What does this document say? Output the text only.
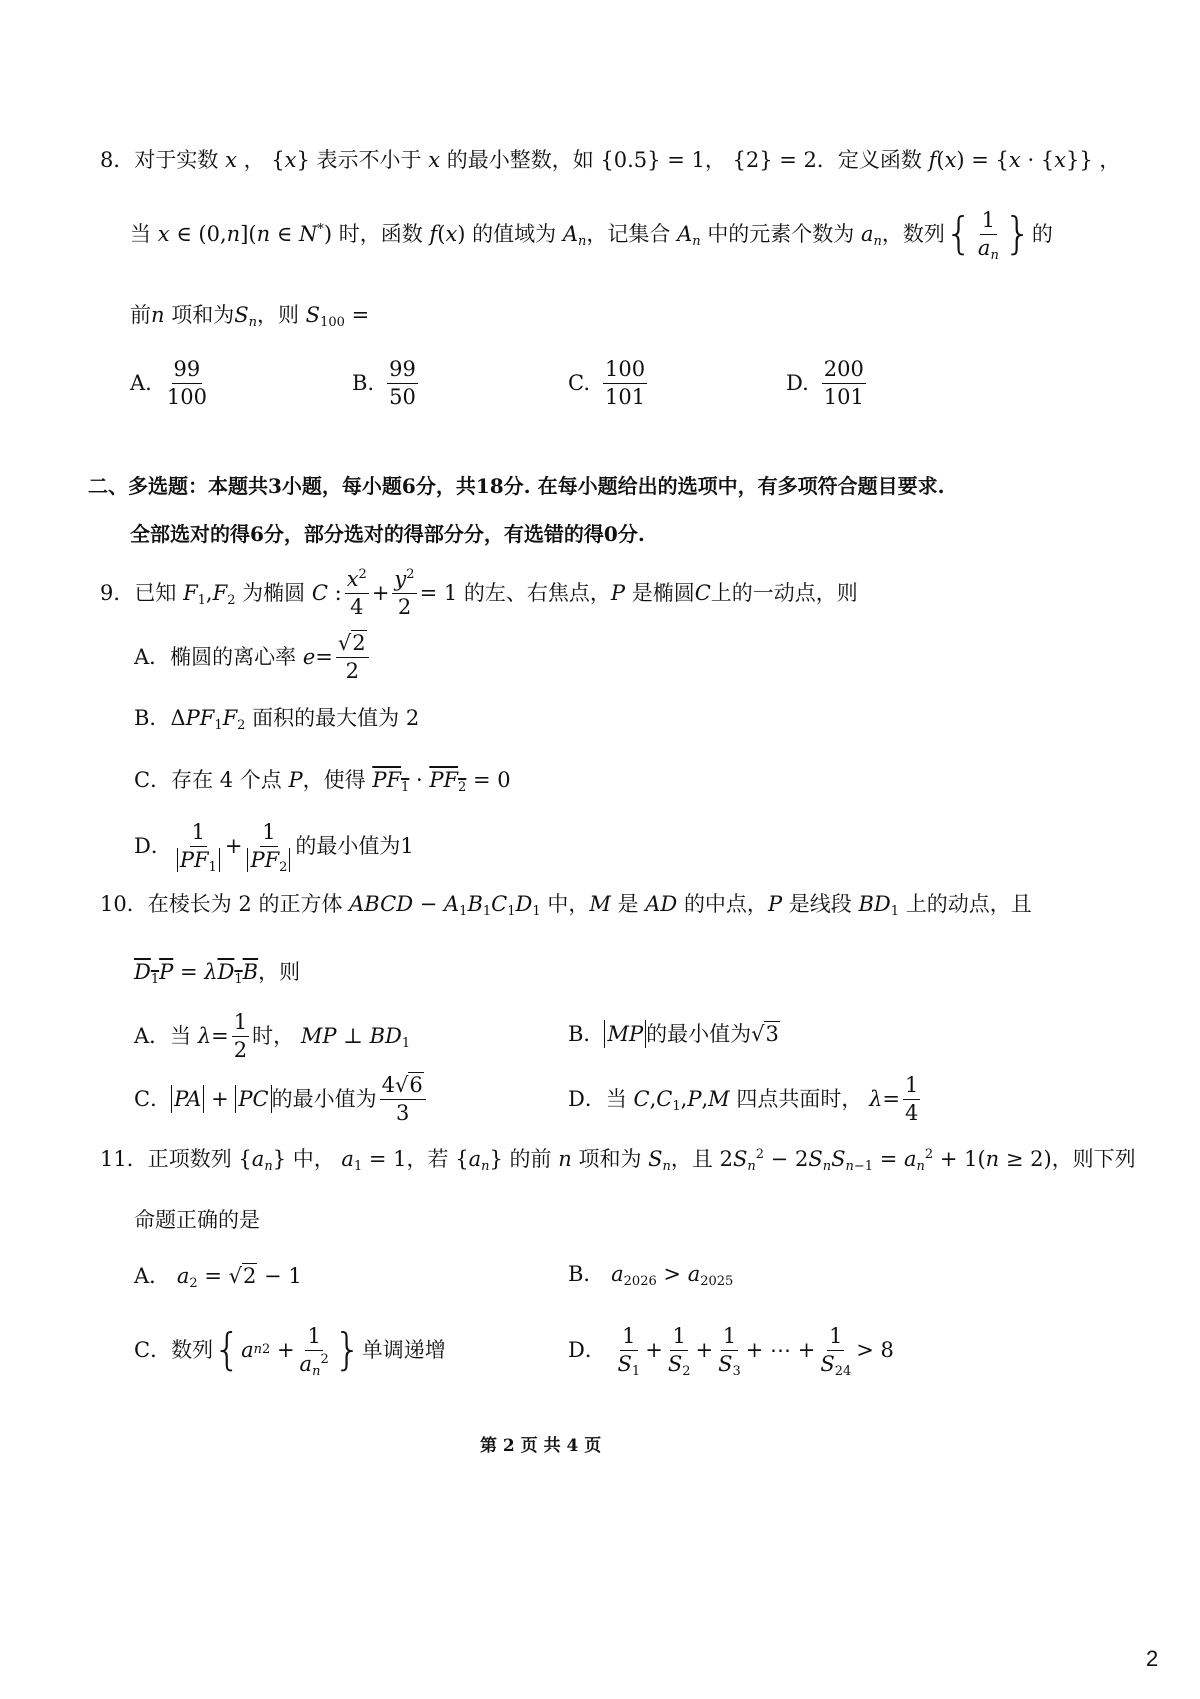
8． 对于实数 x ， {x} 表示不小于 x 的最小整数，如 {0.5} = 1， {2} = 2． 定义函数 f(x) = {x · {x}} ，
当 x ∈ (0,n](n ∈ N*) 时，函数 f(x) 的值域为 $A_n$ ，记集合 $A_n$ 中的元素个数为 $a_n$ ，数列 { $\frac{1}{a_n}$ } 的
前 n 项和为 $S_n$ ，则 $S_{100}$ =
A. $\frac{99}{100}$	B. $\frac{99}{50}$	C. $\frac{100}{101}$	D. $\frac{200}{101}$
二、多选题：本题共3小题，每小题6分，共18分. 在每小题给出的选项中，有多项符合题目要求.
全部选对的得6分，部分选对的得部分分，有选错的得0分.
9． 已知 $F_1,F_2$ 为椭圆
C : $\frac{x^2}{4} + \frac{y^2}{2} = 1$ 的左、右焦点， P 是椭圆 C 上的一动点，则
A． 椭圆的离心率
$e = \frac{√2}{2}$
B． $\Delta PF_1F_2$ 面积的最大值为 2
C． 存在 4 个点 P ，使得 $PF_1 \cdot PF_2 = 0$
D． $\frac{1}{PF_1} + \frac{1}{PF_2}$ 的最小值为 1
10． 在棱长为 2 的正方体 ABCD − $A_1B_1C_1D_1$ 中， M 是 AD 的中点， P 是线段 $BD_1$ 上的动点，且
$D_1P = \lambda D_1B$ ，则
A． 当
$\lambda = \frac{1}{2}$ 时， MP ⊥ $BD_1$	B． MP 的最小值为 √3
C． PA + PC 的最小值为 $\frac{4√6}{3}$	D． 当 $C,C_1,P,M$ 四点共面时，
$\lambda = \frac{1}{4}$
11． 正项数列 $\{a_n\}$ 中， $a_1 = 1$ ，若 $\{a_n\}$ 的前 n 项和为 $S_n$ ，且 $2S_n^2 - 2S_nS_{n-1} = a_n^2 + 1(n \ge 2)$ ，则下列
命题正确的是
A． $a_2 = √2 - 1$	B． $a_{2026} > a_{2025}$
C． 数列 { a n $2 + \frac{1}{a_n^2}$ } 单调递增	D．
$\frac{1}{S_1} + \frac{1}{S_2} + \frac{1}{S_3}$ + ⋯ + $\frac{1}{S_{24}} > 8$
第 2 页 共 4 页
2
